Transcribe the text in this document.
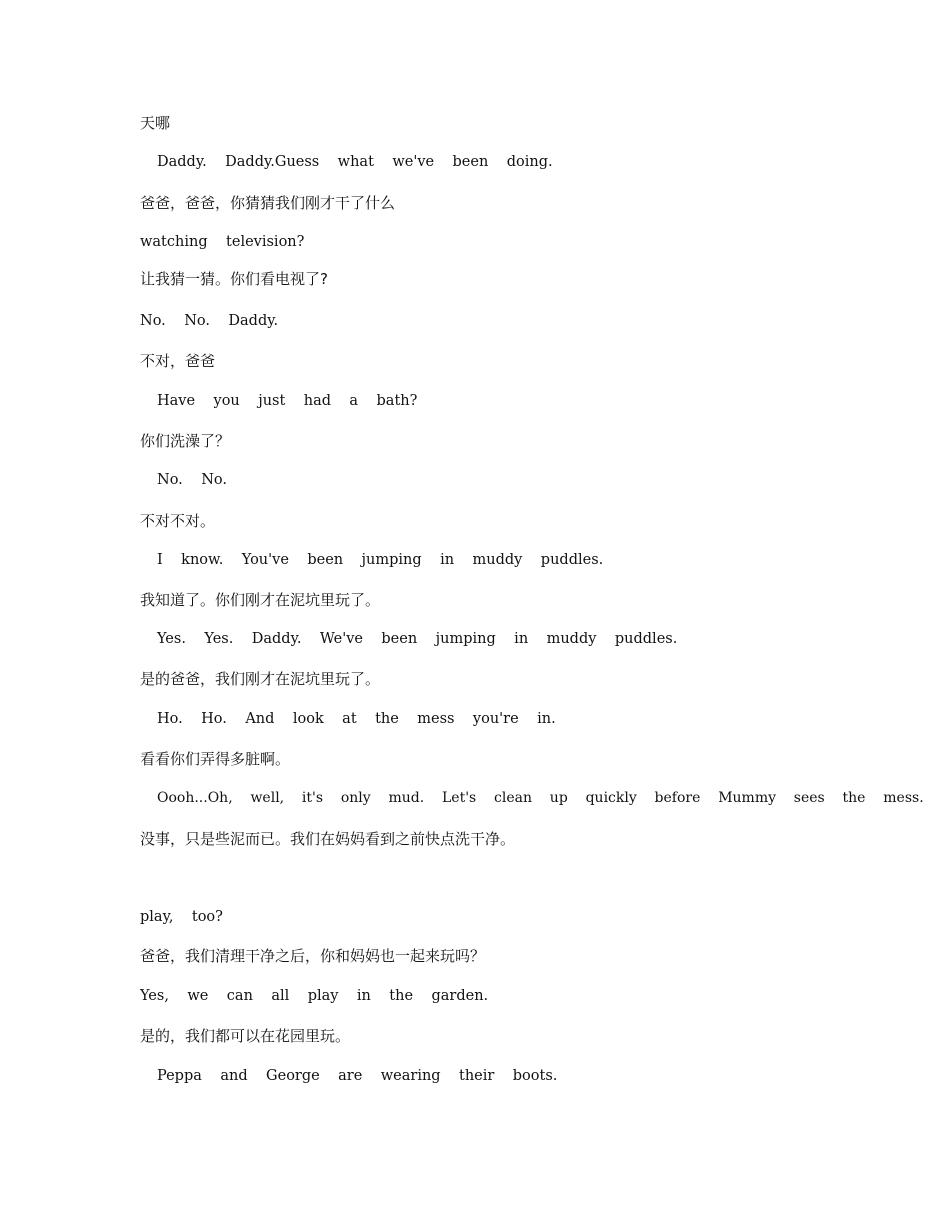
天哪
Daddy.    Daddy.Guess    what    we've    been    doing.
爸爸，爸爸，你猜猜我们刚才干了什么
watching    television?
让我猜一猜。你们看电视了?
No.    No.    Daddy.
不对，爸爸
Have    you    just    had    a    bath?
你们洗澡了？
No.    No.
不对不对。
I    know.    You've    been    jumping    in    muddy    puddles.
我知道了。你们刚才在泥坑里玩了。
Yes.    Yes.    Daddy.    We've    been    jumping    in    muddy    puddles.
是的爸爸，我们刚才在泥坑里玩了。
Ho.    Ho.    And    look    at    the    mess    you're    in.
看看你们弄得多脏啊。
Oooh...Oh,    well,    it's    only    mud.    Let's    clean    up    quickly    before    Mummy    sees    the    mess.
没事，只是些泥而已。我们在妈妈看到之前快点洗干净。
play,    too?
爸爸，我们清理干净之后，你和妈妈也一起来玩吗？
Yes,    we    can    all    play    in    the    garden.
是的，我们都可以在花园里玩。
Peppa    and    George    are    wearing    their    boots.
